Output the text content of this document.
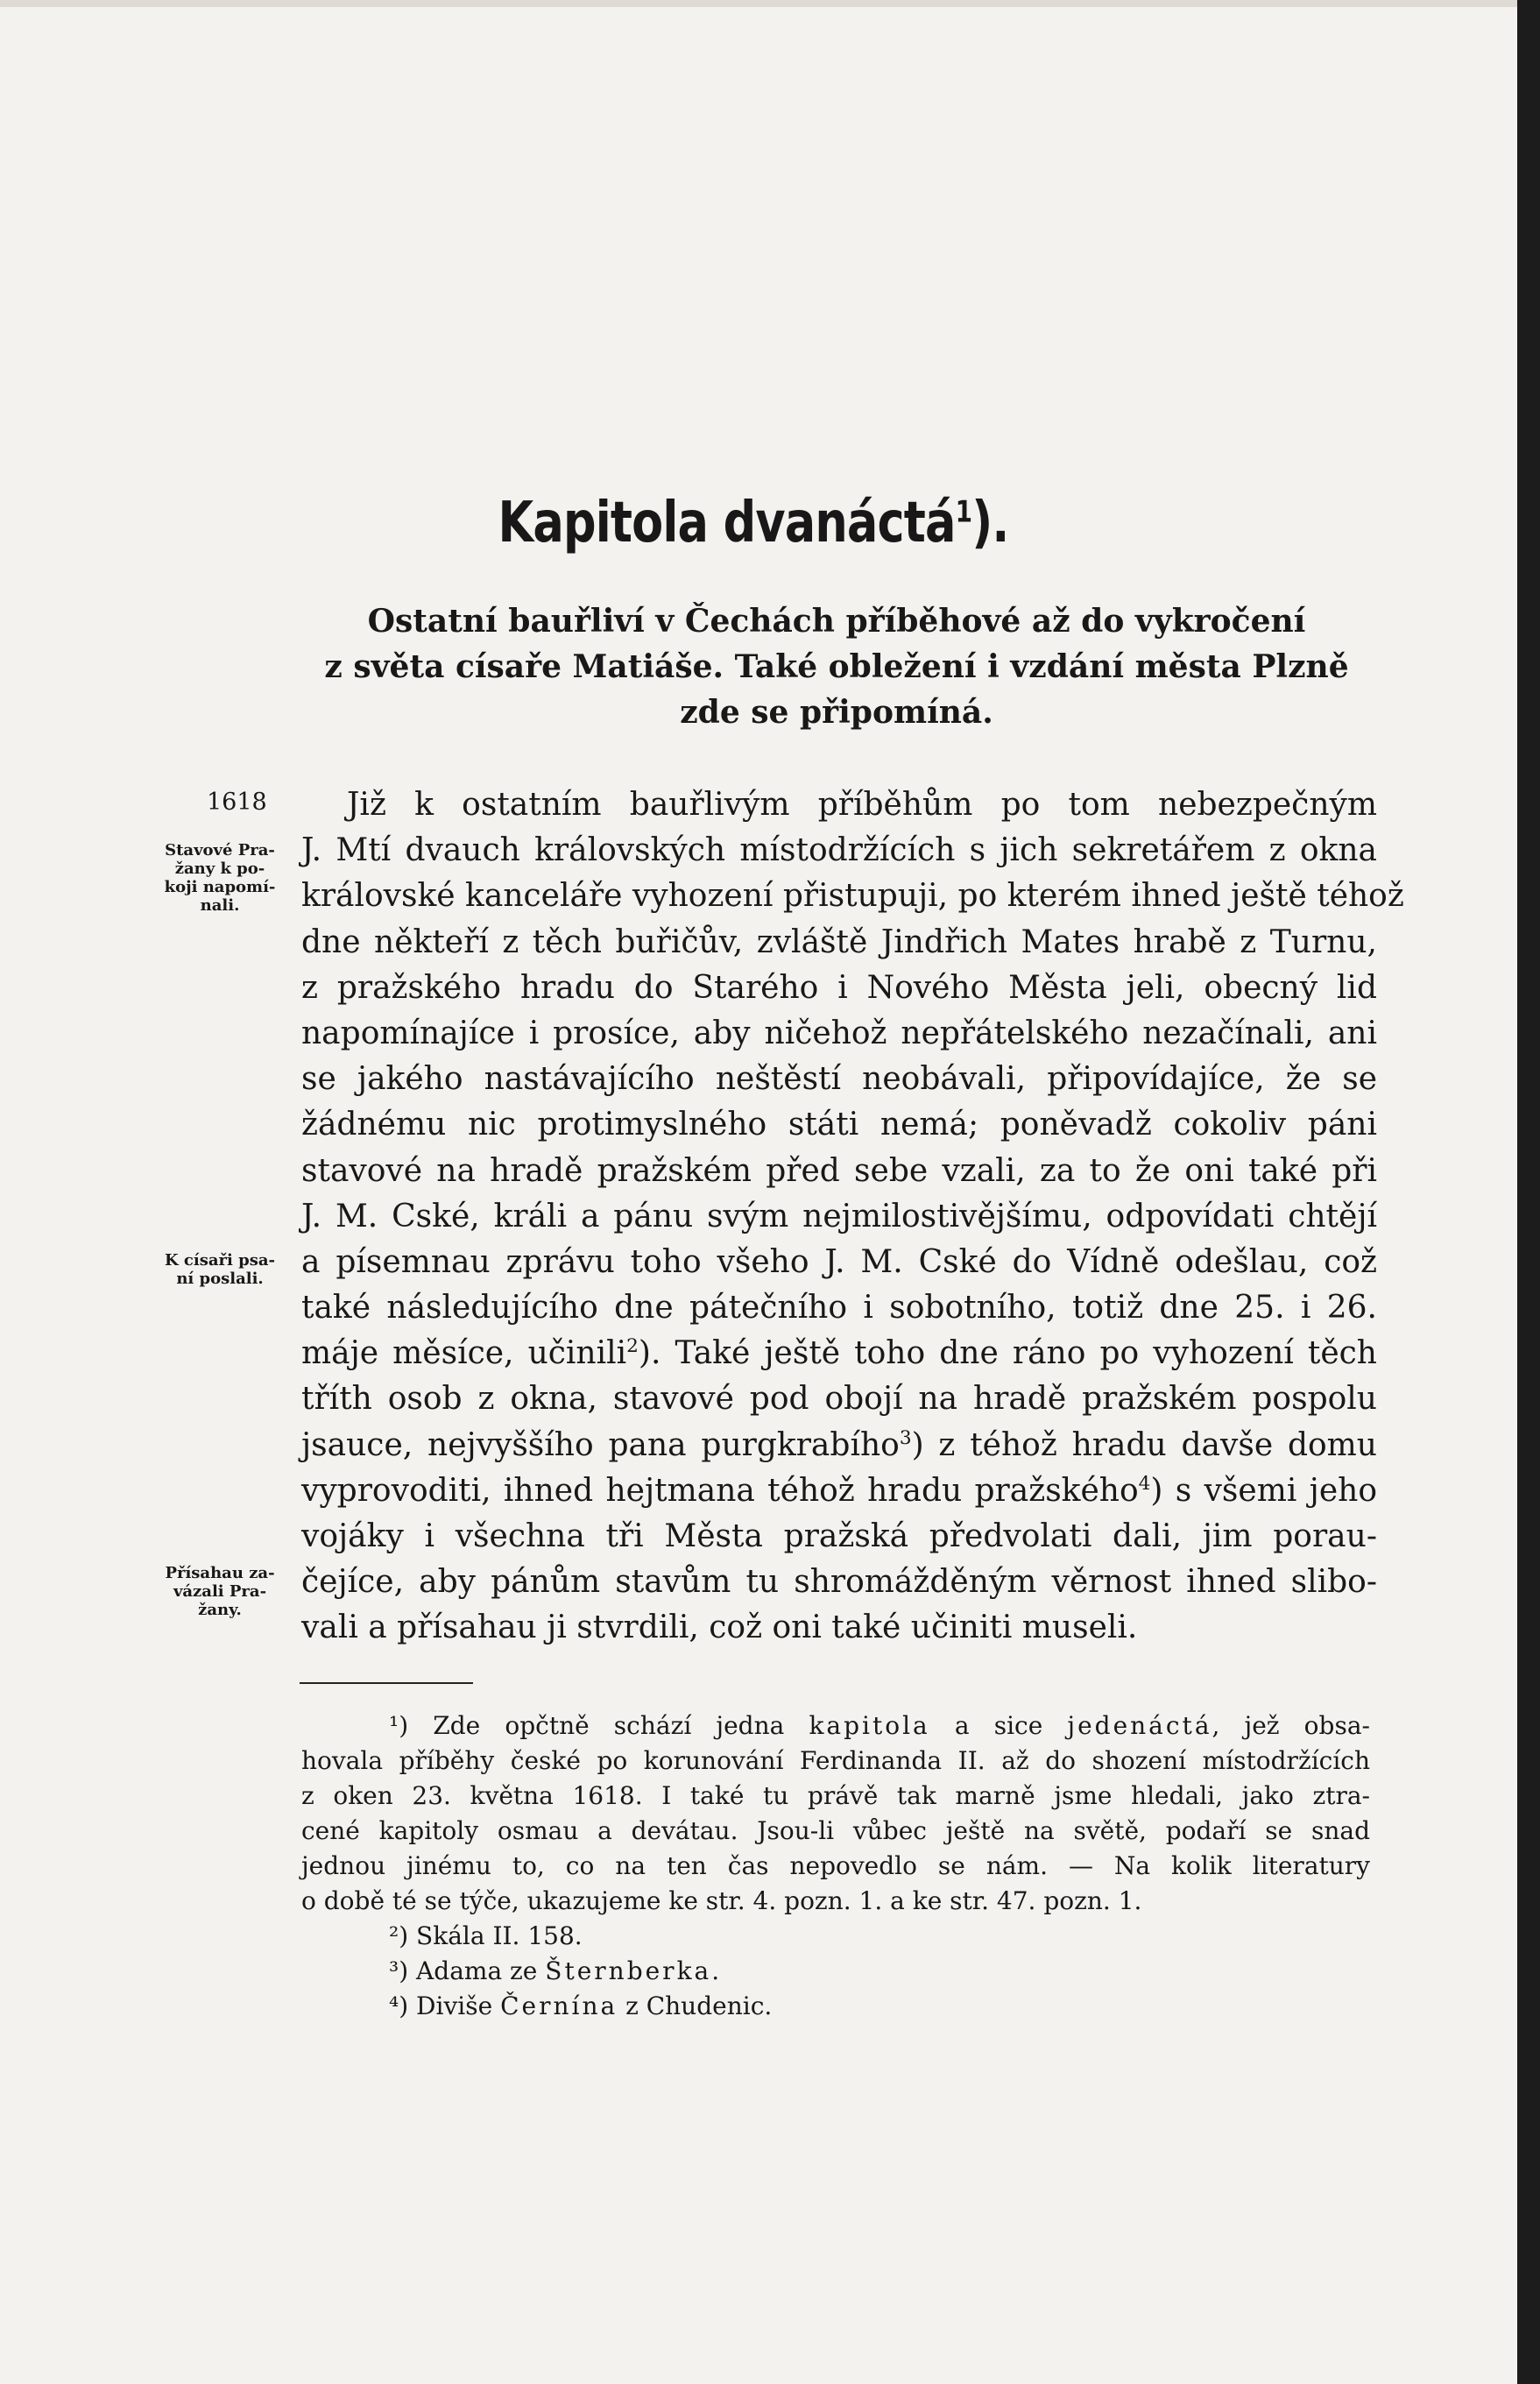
Kapitola dvanáctá$^1$).
Ostatní bauřliví v Čechách příběhové až do vykročení
z světa císaře Matiáše. Také obležení i vzdání města Plzně
zde se připomíná.
1618
Stavové Pra-
žany k po-
koji napomí-
nali.
K císaři psa-
ní poslali.
Přísahau za-
vázali Pra-
žany.
Již k ostatním bauřlivým příběhům po tom nebezpečným
J. Mtí dvauch královských místodržících s jich sekretářem z okna
královské kanceláře vyhození přistupuji, po kterém ihned ještě téhož
dne někteří z těch buřičův, zvláště Jindřich Mates hrabě z Turnu,
z pražského hradu do Starého i Nového Města jeli, obecný lid
napomínajíce i prosíce, aby ničehož nepřátelského nezačínali, ani
se jakého nastávajícího neštěstí neobávali, připovídajíce, že se
žádnému nic protimyslného státi nemá; poněvadž cokoliv páni
stavové na hradě pražském před sebe vzali, za to že oni také při
J. M. Cské, králi a pánu svým nejmilostivějšímu, odpovídati chtějí
a písemnau zprávu toho všeho J. M. Cské do Vídně odešlau, což
také následujícího dne pátečního i sobotního, totiž dne 25. i 26.
máje měsíce, učinili$^2$). Také ještě toho dne ráno po vyhození těch
tříth osob z okna, stavové pod obojí na hradě pražském pospolu
jsauce, nejvyššího pana purgkrabího$^3$) z téhož hradu davše domu
vyprovoditi, ihned hejtmana téhož hradu pražského$^4$) s všemi jeho
vojáky i všechna tři Města pražská předvolati dali, jim porau-
čejíce, aby pánům stavům tu shromážděným věrnost ihned slibo-
vali a přísahau ji stvrdili, což oni také učiniti museli.
¹) Zde opčtně schází jedna kapitola a sice jedenáctá, jež obsa-
hovala příběhy české po korunování Ferdinanda II. až do shození místodržících
z oken 23. května 1618. I také tu právě tak marně jsme hledali, jako ztra-
cené kapitoly osmau a devátau. Jsou-li vůbec ještě na světě, podaří se snad
jednou jinému to, co na ten čas nepovedlo se nám. — Na kolik literatury
o době té se týče, ukazujeme ke str. 4. pozn. 1. a ke str. 47. pozn. 1.
²) Skála II. 158.
³) Adama ze Šternberka.
⁴) Diviše Černína z Chudenic.
